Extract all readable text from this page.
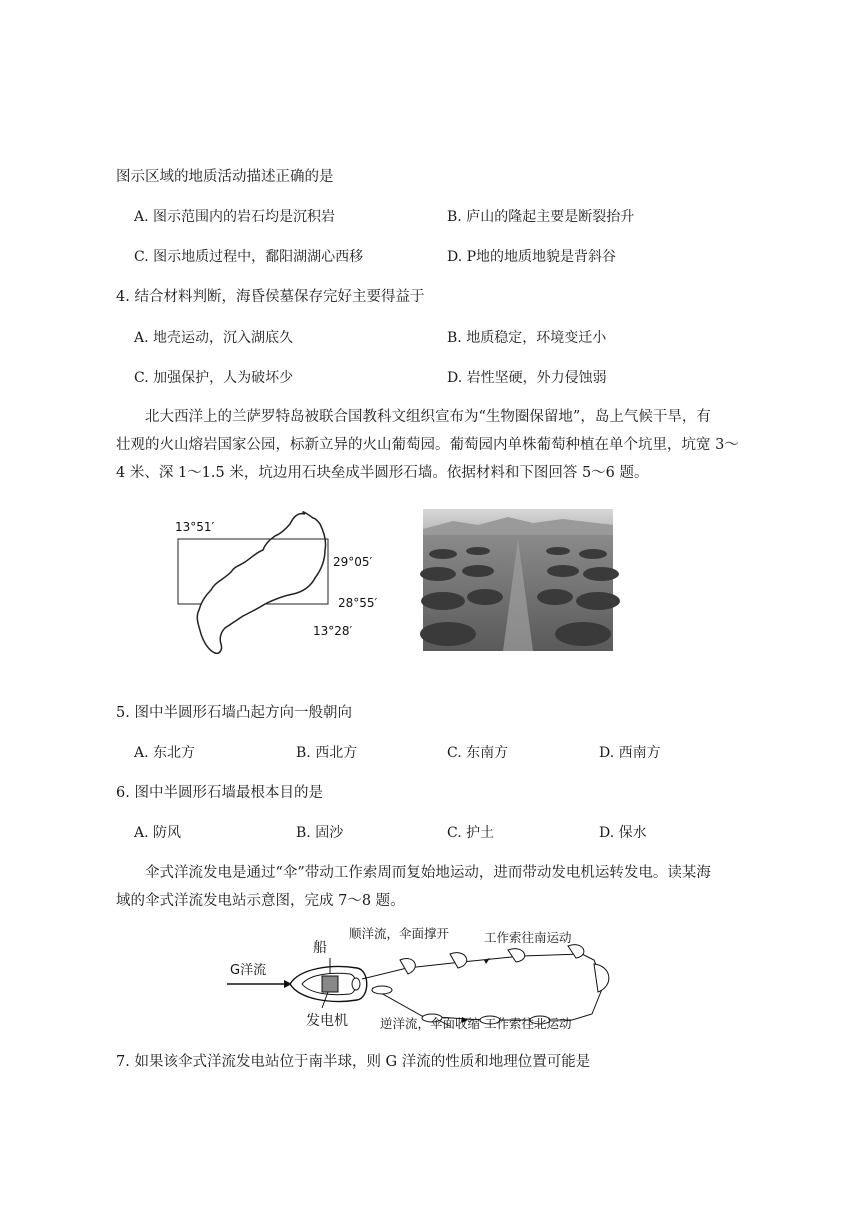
图示区域的地质活动描述正确的是
A. 图示范围内的岩石均是沉积岩	B. 庐山的隆起主要是断裂抬升
C. 图示地质过程中，鄱阳湖湖心西移	D. P地的地质地貌是背斜谷
4. 结合材料判断，海昏侯墓保存完好主要得益于
A. 地壳运动，沉入湖底久	B. 地质稳定，环境变迁小
C. 加强保护，人为破坏少	D. 岩性坚硬，外力侵蚀弱
北大西洋上的兰萨罗特岛被联合国教科文组织宣布为“生物圈保留地”，岛上气候干旱，有
壮观的火山熔岩国家公园，标新立异的火山葡萄园。葡萄园内单株葡萄种植在单个坑里，坑宽 3～
4 米、深 1～1.5 米，坑边用石块垒成半圆形石墙。依据材料和下图回答 5～6 题。
13°51′
29°05′
28°55′
13°28′
5. 图中半圆形石墙凸起方向一般朝向
A. 东北方	B. 西北方	C. 东南方	D. 西南方
6. 图中半圆形石墙最根本目的是
A. 防风	B. 固沙	C. 护土	D. 保水
伞式洋流发电是通过“伞”带动工作索周而复始地运动，进而带动发电机运转发电。读某海
域的伞式洋流发电站示意图，完成 7～8 题。
G洋流
船
发电机
顺洋流，伞面撑开	工作索往南运动
逆洋流，伞面收缩 工作索往北运动
7. 如果该伞式洋流发电站位于南半球，则 G 洋流的性质和地理位置可能是
